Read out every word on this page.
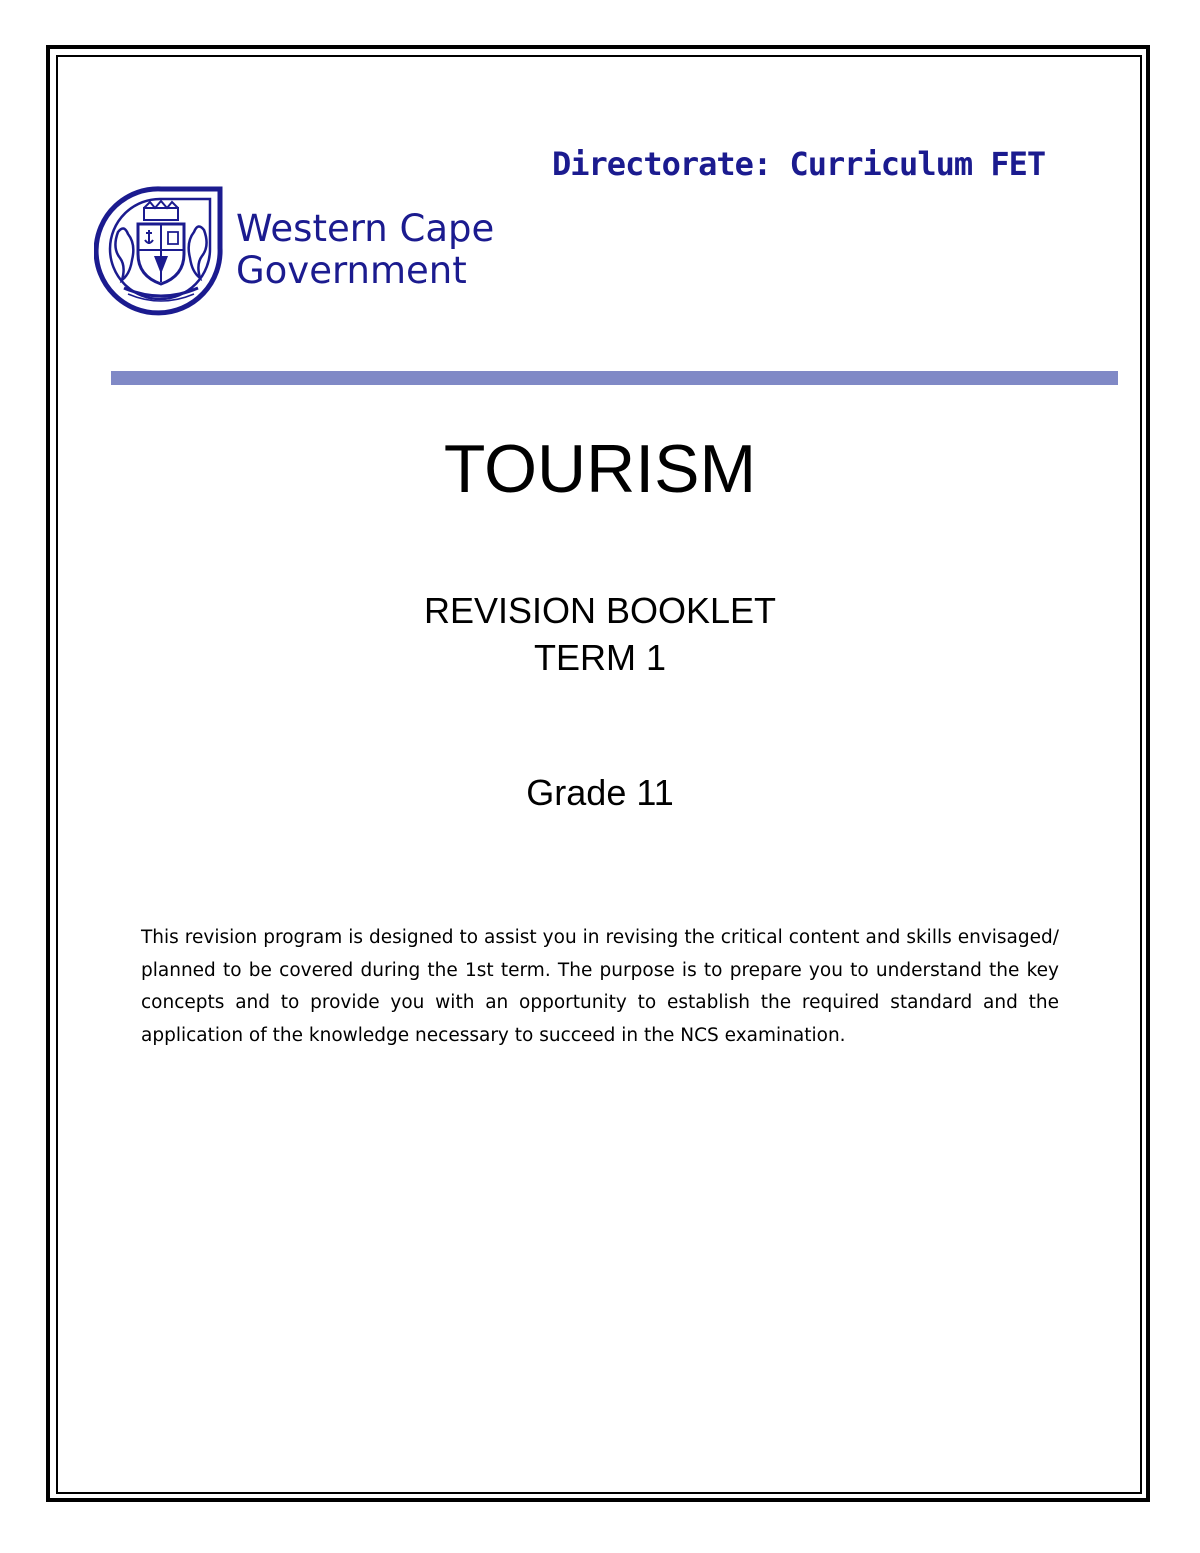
Directorate: Curriculum FET
Western Cape
Government
TOURISM
REVISION BOOKLET
TERM 1
Grade 11
This revision program is designed to assist you in revising the critical content and skills envisaged/ planned to be covered during the 1st term. The purpose is to prepare you to understand the key concepts and to provide you with an opportunity to establish the required standard and the application of the knowledge necessary to succeed in the NCS examination.
